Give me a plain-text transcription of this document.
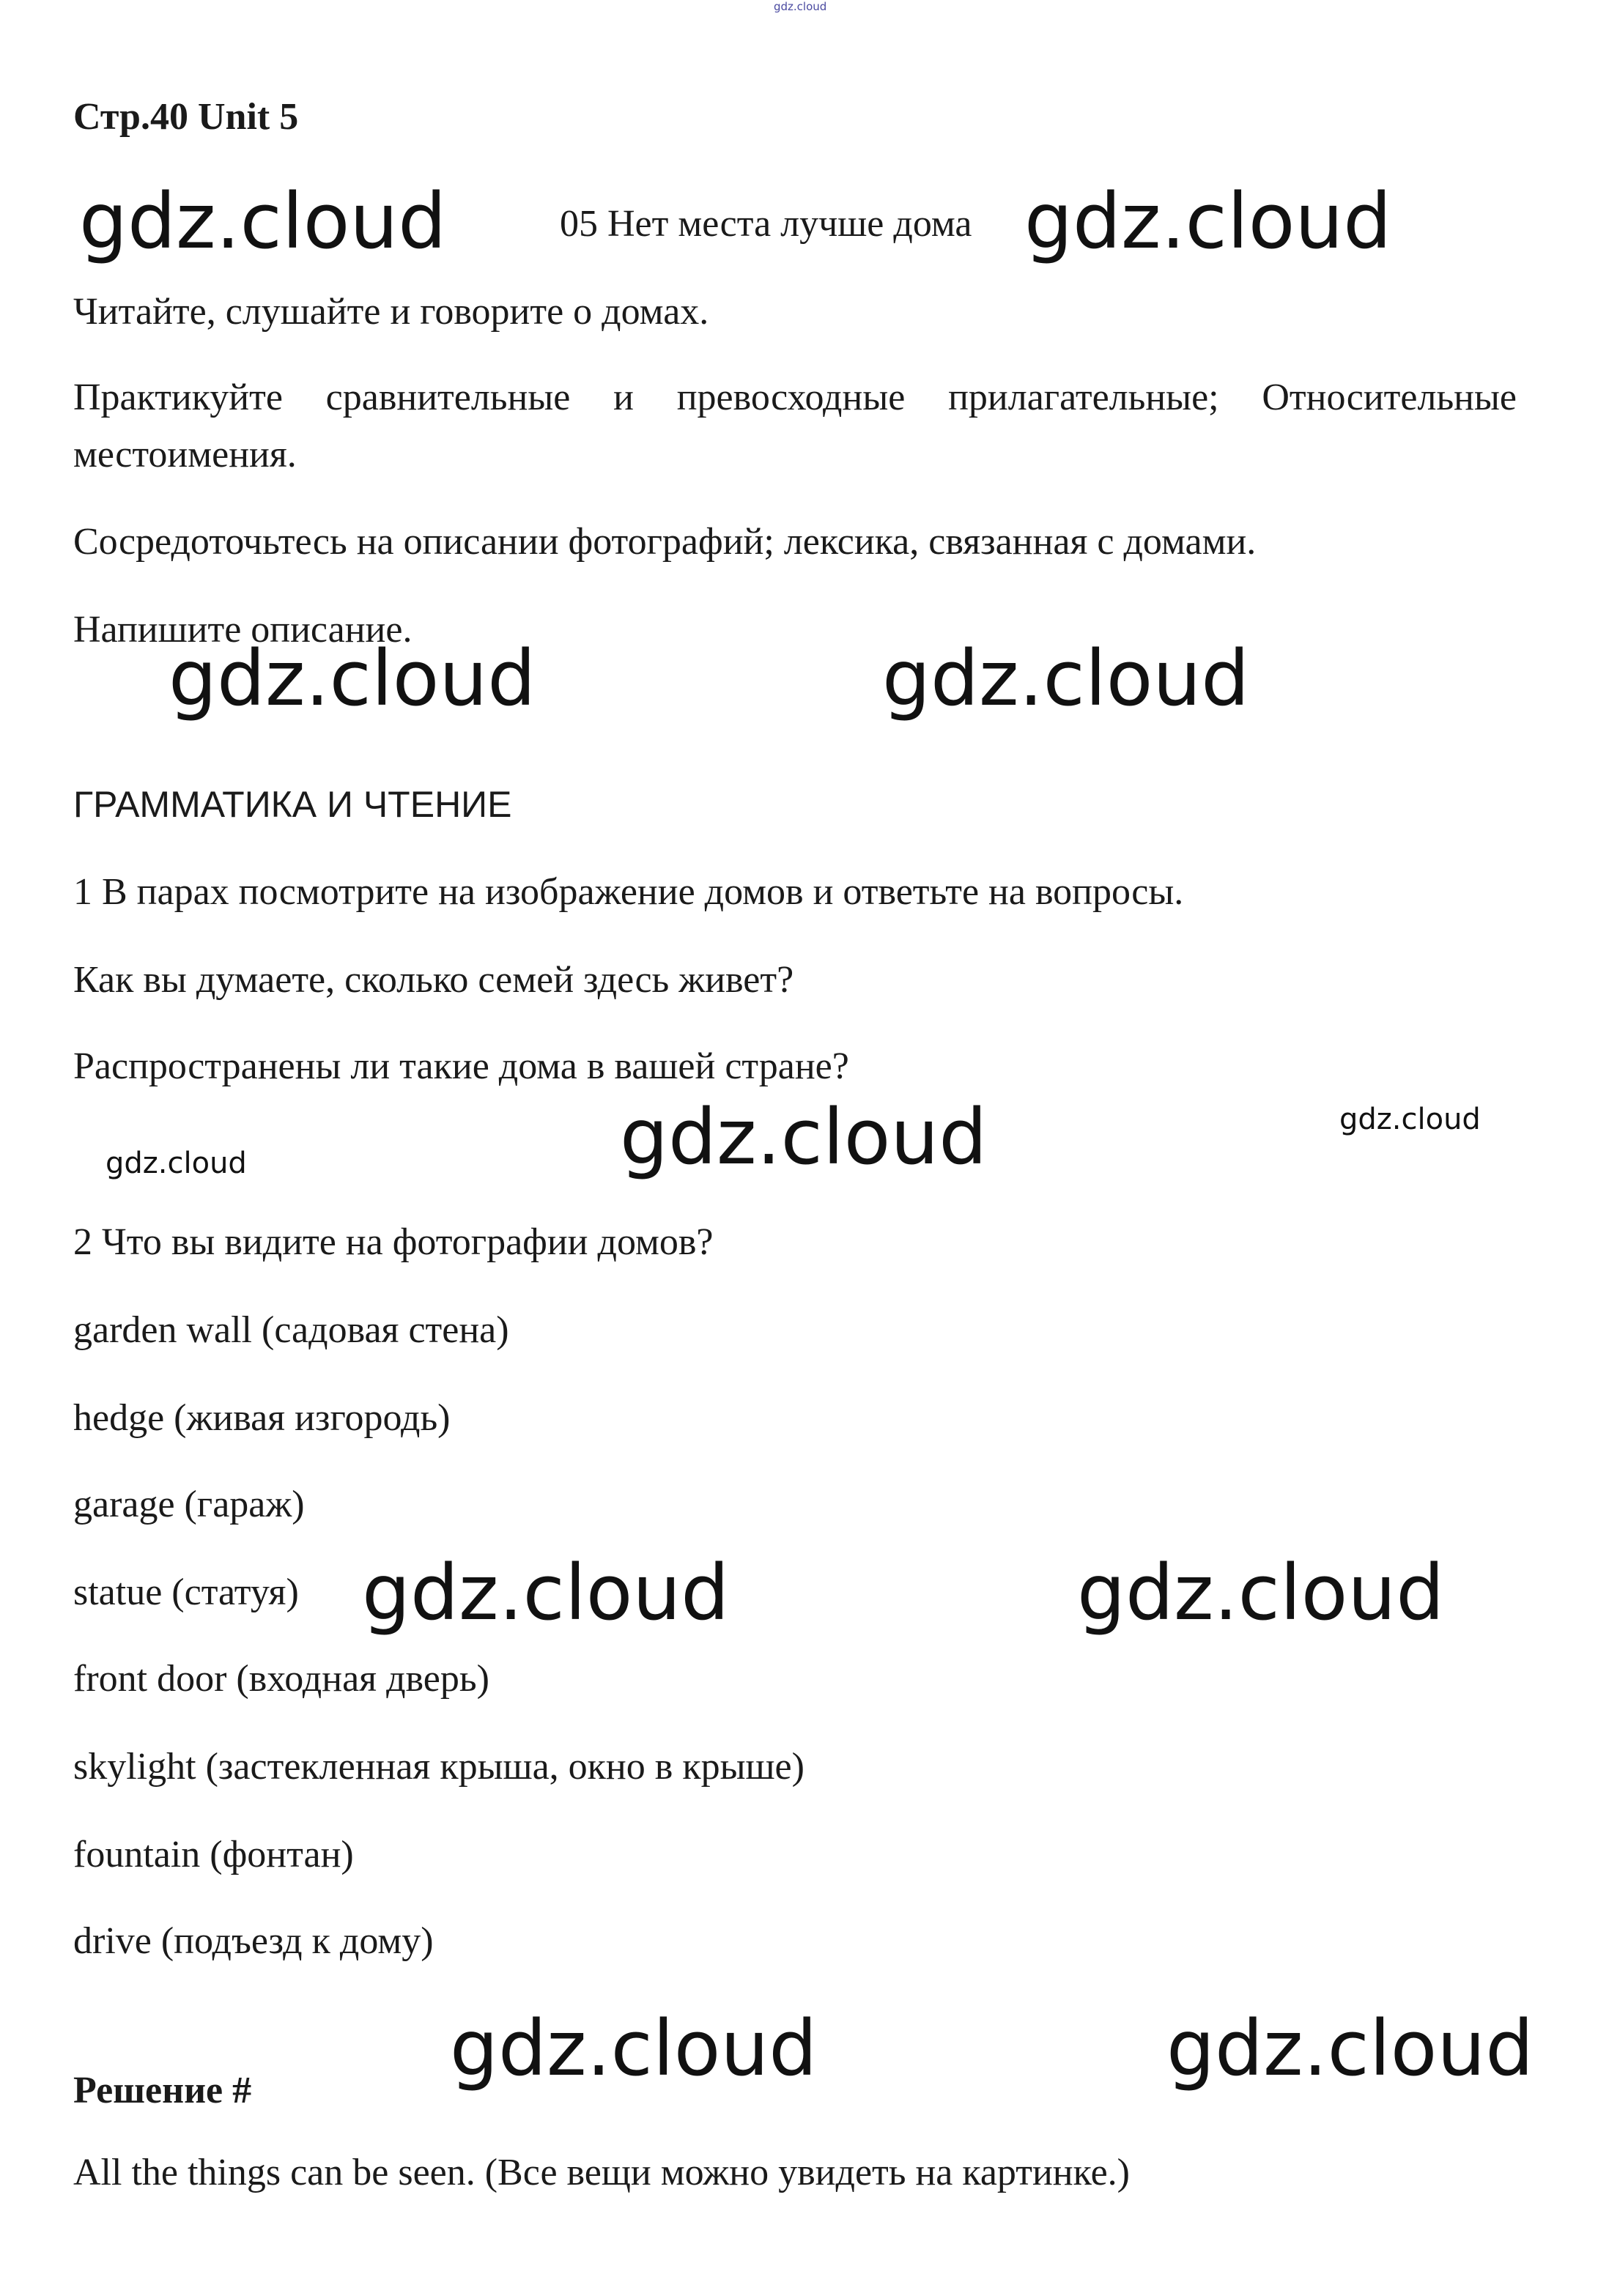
gdz.cloud

Стр.40 Unit 5

gdz.cloud	gdz.cloud

05 Нет места лучше дома

Читайте, слушайте и говорите о домах.

Практикуйте сравнительные и превосходные прилагательные; Относительные местоимения.

Сосредоточьтесь на описании фотографий; лексика, связанная с домами.

Напишите описание.

gdz.cloud	gdz.cloud

ГРАММАТИКА И ЧТЕНИЕ

1 В парах посмотрите на изображение домов и ответьте на вопросы.

Как вы думаете, сколько семей здесь живет?

Распространены ли такие дома в вашей стране?

gdz.cloud
gdz.cloud
gdz.cloud

2 Что вы видите на фотографии домов?

garden wall (садовая стена)

hedge (живая изгородь)

garage (гараж)

statue (статуя) gdz.cloud	gdz.cloud

front door (входная дверь)

skylight (застекленная крыша, окно в крыше)

fountain (фонтан)

drive (подъезд к дому)

gdz.cloud	gdz.cloud

Решение #

All the things can be seen. (Все вещи можно увидеть на картинке.)
